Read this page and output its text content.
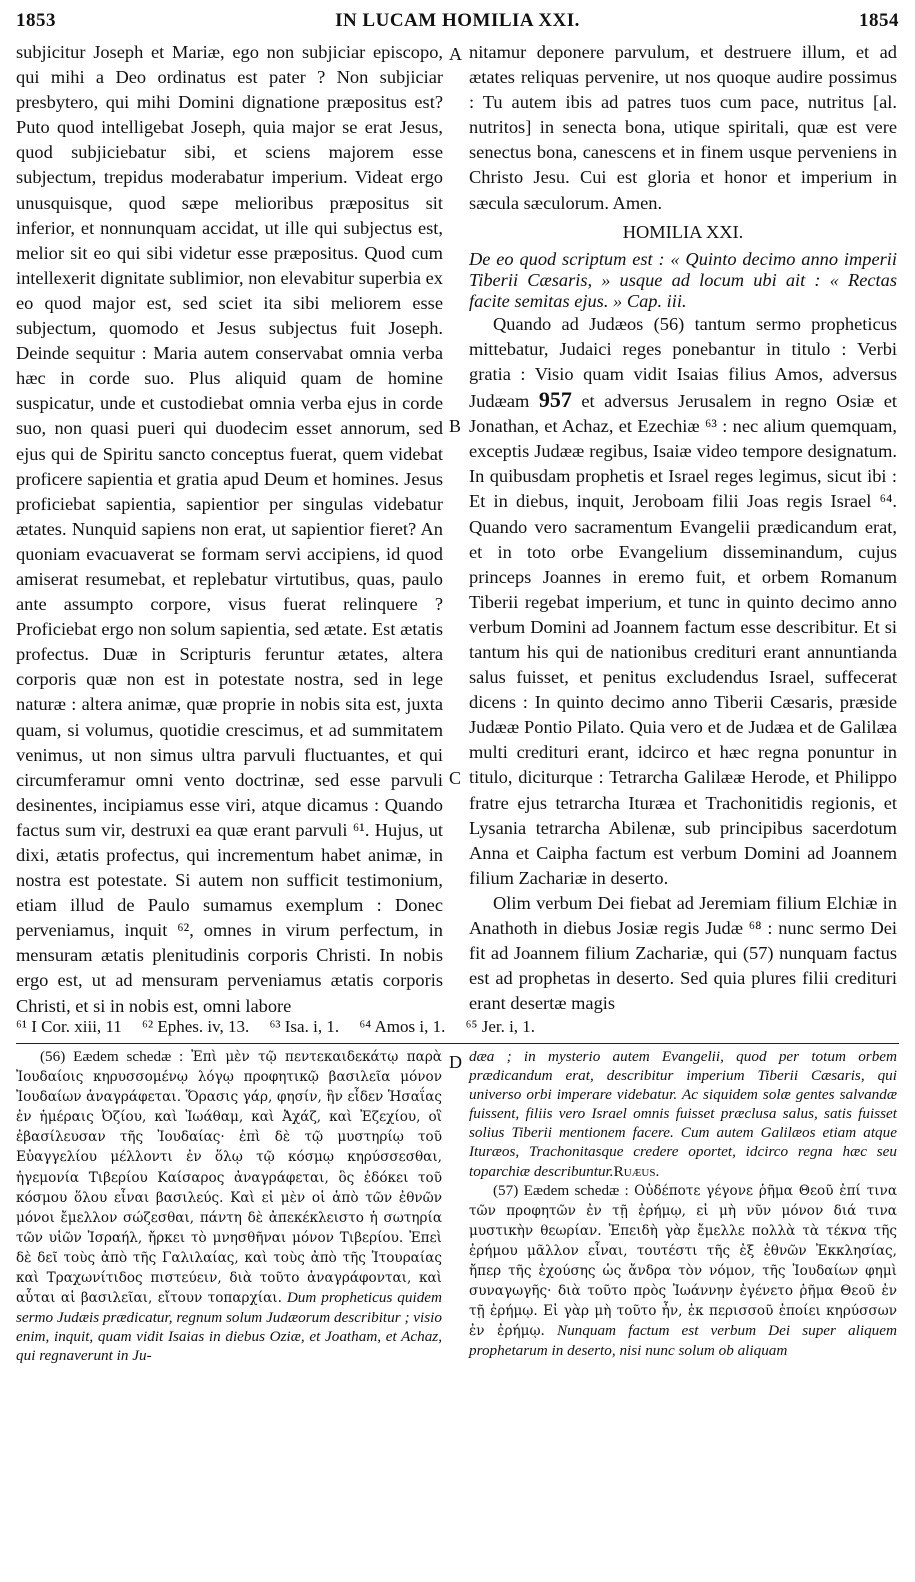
1853	IN LUCAM HOMILIA XXI.	1854
A
B
C
D

subjicitur Joseph et Mariæ, ego non subjiciar episcopo, qui mihi a Deo ordinatus est pater ? Non subjiciar presbytero, qui mihi Domini dignatione præpositus est? Puto quod intelligebat Joseph, quia major se erat Jesus, quod subjiciebatur sibi, et sciens majorem esse subjectum, trepidus moderabatur imperium. Videat ergo unusquisque, quod sæpe melioribus præpositus sit inferior, et nonnunquam accidat, ut ille qui subjectus est, melior sit eo qui sibi videtur esse præpositus. Quod cum intellexerit dignitate sublimior, non elevabitur superbia ex eo quod major est, sed sciet ita sibi meliorem esse subjectum, quomodo et Jesus subjectus fuit Joseph. Deinde sequitur : Maria autem conservabat omnia verba hæc in corde suo. Plus aliquid quam de homine suspicatur, unde et custodiebat omnia verba ejus in corde suo, non quasi pueri qui duodecim esset annorum, sed ejus qui de Spiritu sancto conceptus fuerat, quem videbat proficere sapientia et gratia apud Deum et homines. Jesus proficiebat sapientia, sapientior per singulas videbatur ætates. Nunquid sapiens non erat, ut sapientior fieret? An quoniam evacuaverat se formam servi accipiens, id quod amiserat resumebat, et replebatur virtutibus, quas, paulo ante assumpto corpore, visus fuerat relinquere ? Proficiebat ergo non solum sapientia, sed ætate. Est ætatis profectus. Duæ in Scripturis feruntur ætates, altera corporis quæ non est in potestate nostra, sed in lege naturæ : altera animæ, quæ proprie in nobis sita est, juxta quam, si volumus, quotidie crescimus, et ad summitatem venimus, ut non simus ultra parvuli fluctuantes, et qui circumferamur omni vento doctrinæ, sed esse parvuli desinentes, incipiamus esse viri, atque dicamus : Quando factus sum vir, destruxi ea quæ erant parvuli ⁶¹. Hujus, ut dixi, ætatis profectus, qui incrementum habet animæ, in nostra est potestate. Si autem non sufficit testimonium, etiam illud de Paulo sumamus exemplum : Donec perveniamus, inquit ⁶², omnes in virum perfectum, in mensuram ætatis plenitudinis corporis Christi. In nobis ergo est, ut ad mensuram perveniamus ætatis corporis Christi, et si in nobis est, omni labore

nitamur deponere parvulum, et destruere illum, et ad ætates reliquas pervenire, ut nos quoque audire possimus : Tu autem ibis ad patres tuos cum pace, nutritus [al. nutritos] in senecta bona, utique spiritali, quæ est vere senectus bona, canescens et in finem usque perveniens in Christo Jesu. Cui est gloria et honor et imperium in sæcula sæculorum. Amen.

HOMILIA XXI.

De eo quod scriptum est : « Quinto decimo anno imperii Tiberii Cæsaris, » usque ad locum ubi ait : « Rectas facite semitas ejus. » Cap. iii.

Quando ad Judæos (56) tantum sermo propheticus mittebatur, Judaici reges ponebantur in titulo : Verbi gratia : Visio quam vidit Isaias filius Amos, adversus Judæam 957 et adversus Jerusalem in regno Osiæ et Jonathan, et Achaz, et Ezechiæ ⁶³ : nec alium quemquam, exceptis Judææ regibus, Isaiæ video tempore designatum. In quibusdam prophetis et Israel reges legimus, sicut ibi : Et in diebus, inquit, Jeroboam filii Joas regis Israel ⁶⁴. Quando vero sacramentum Evangelii prædicandum erat, et in toto orbe Evangelium disseminandum, cujus princeps Joannes in eremo fuit, et orbem Romanum Tiberii regebat imperium, et tunc in quinto decimo anno verbum Domini ad Joannem factum esse describitur. Et si tantum his qui de nationibus credituri erant annuntianda salus fuisset, et penitus excludendus Israel, suffecerat dicens : In quinto decimo anno Tiberii Cæsaris, præside Judææ Pontio Pilato. Quia vero et de Judæa et de Galilæa multi credituri erant, idcirco et hæc regna ponuntur in titulo, diciturque : Tetrarcha Galilææ Herode, et Philippo fratre ejus tetrarcha Ituræa et Trachonitidis regionis, et Lysania tetrarcha Abilenæ, sub principibus sacerdotum Anna et Caipha factum est verbum Domini ad Joannem filium Zachariæ in deserto.

Olim verbum Dei fiebat ad Jeremiam filium Elchiæ in Anathoth in diebus Josiæ regis Judæ ⁶⁸ : nunc sermo Dei fit ad Joannem filium Zachariæ, qui (57) nunquam factus est ad prophetas in deserto. Sed quia plures filii credituri erant desertæ magis

⁶¹ I Cor. xiii, 11 ⁶² Ephes. iv, 13. ⁶³ Isa. i, 1. ⁶⁴ Amos i, 1. ⁶⁵ Jer. i, 1.

(56) Eædem schedæ : Ἐπὶ μὲν τῷ πεντεκαιδεκάτῳ παρὰ Ἰουδαίοις κηρυσσομένῳ λόγῳ προφητικῷ βασιλεῖα μόνον Ἰουδαίων ἀναγράφεται. Ὅρασις γάρ, φησίν, ἣν εἶδεν Ἡσαΐας ἐν ἡμέραις Ὀζίου, καὶ Ἰωάθαμ, καὶ Ἀχάζ, καὶ Ἐζεχίου, οἳ ἐβασίλευσαν τῆς Ἰουδαίας· ἐπὶ δὲ τῷ μυστηρίῳ τοῦ Εὐαγγελίου μέλλοντι ἐν ὅλῳ τῷ κόσμῳ κηρύσσεσθαι, ἡγεμονία Τιβερίου Καίσαρος ἀναγράφεται, ὃς ἐδόκει τοῦ κόσμου ὅλου εἶναι βασιλεύς. Καὶ εἰ μὲν οἱ ἀπὸ τῶν ἐθνῶν μόνοι ἔμελλον σώζεσθαι, πάντη δὲ ἀπεκέκλειστο ἡ σωτηρία τῶν υἱῶν Ἰσραήλ, ἤρκει τὸ μνησθῆναι μόνον Τιβερίου. Ἐπεὶ δὲ δεῖ τοὺς ἀπὸ τῆς Γαλιλαίας, καὶ τοὺς ἀπὸ τῆς Ἰτουραίας καὶ Τραχωνίτιδος πιστεύειν, διὰ τοῦτο ἀναγράφονται, καὶ αὗται αἱ βασιλεῖαι, εἴτουν τοπαρχίαι. Dum propheticus quidem sermo Judæis prædicatur, regnum solum Judæorum describitur ; visio enim, inquit, quam vidit Isaias in diebus Oziæ, et Joatham, et Achaz, qui regnaverunt in Ju-

dæa ; in mysterio autem Evangelii, quod per totum orbem prædicandum erat, describitur imperium Tiberii Cæsaris, qui universo orbi imperare videbatur. Ac siquidem solæ gentes salvandæ fuissent, filiis vero Israel omnis fuisset præclusa salus, satis fuisset solius Tiberii mentionem facere. Cum autem Galilæos etiam atque Ituræos, Trachonitasque credere oportet, idcirco regna hæc seu toparchiæ describuntur.Ruæus.

(57) Eædem schedæ : Οὐδέποτε γέγονε ῥῆμα Θεοῦ ἐπί τινα τῶν προφητῶν ἐν τῇ ἐρήμῳ, εἰ μὴ νῦν μόνον διά τινα μυστικὴν θεωρίαν. Ἐπειδὴ γὰρ ἔμελλε πολλὰ τὰ τέκνα τῆς ἐρήμου μᾶλλον εἶναι, τουτέστι τῆς ἐξ ἐθνῶν Ἐκκλησίας, ἤπερ τῆς ἐχούσης ὡς ἄνδρα τὸν νόμον, τῆς Ἰουδαίων φημὶ συναγωγῆς· διὰ τοῦτο πρὸς Ἰωάννην ἐγένετο ῥῆμα Θεοῦ ἐν τῇ ἐρήμῳ. Εἰ γὰρ μὴ τοῦτο ἦν, ἐκ περισσοῦ ἐποίει κηρύσσων ἐν ἐρήμῳ. Nunquam factum est verbum Dei super aliquem prophetarum in deserto, nisi nunc solum ob aliquam
